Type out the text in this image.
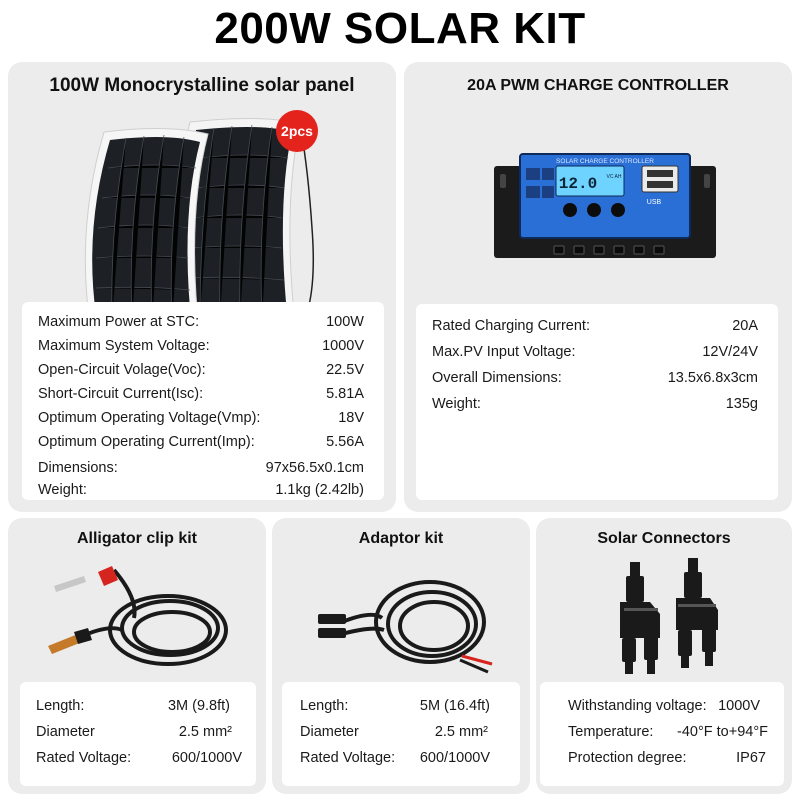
200W SOLAR KIT
100W Monocrystalline solar panel
2pcs
Maximum Power at STC:	100W
Maximum System Voltage:	1000V
Open-Circuit Volage(Voc):	22.5V
Short-Circuit Current(Isc):	5.81A
Optimum Operating Voltage(Vmp):	18V
Optimum Operating Current(Imp):	5.56A
Dimensions:	97x56.5x0.1cm
Weight:	1.1kg (2.42lb)
20A PWM CHARGE CONTROLLER
SOLAR CHARGE CONTROLLER
12.0 VC AH
USB
Rated Charging Current:	20A
Max.PV Input Voltage:	12V/24V
Overall Dimensions:	13.5x6.8x3cm
Weight:	135g
Alligator clip kit
Length:	3M (9.8ft)
Diameter	2.5 mm²
Rated Voltage:	600/1000V
Adaptor kit
Length:	5M (16.4ft)
Diameter	2.5 mm²
Rated Voltage: 600/1000V
Solar Connectors
Withstanding voltage: 1000V
Temperature: -40°F to+94°F
Protection degree:	IP67
